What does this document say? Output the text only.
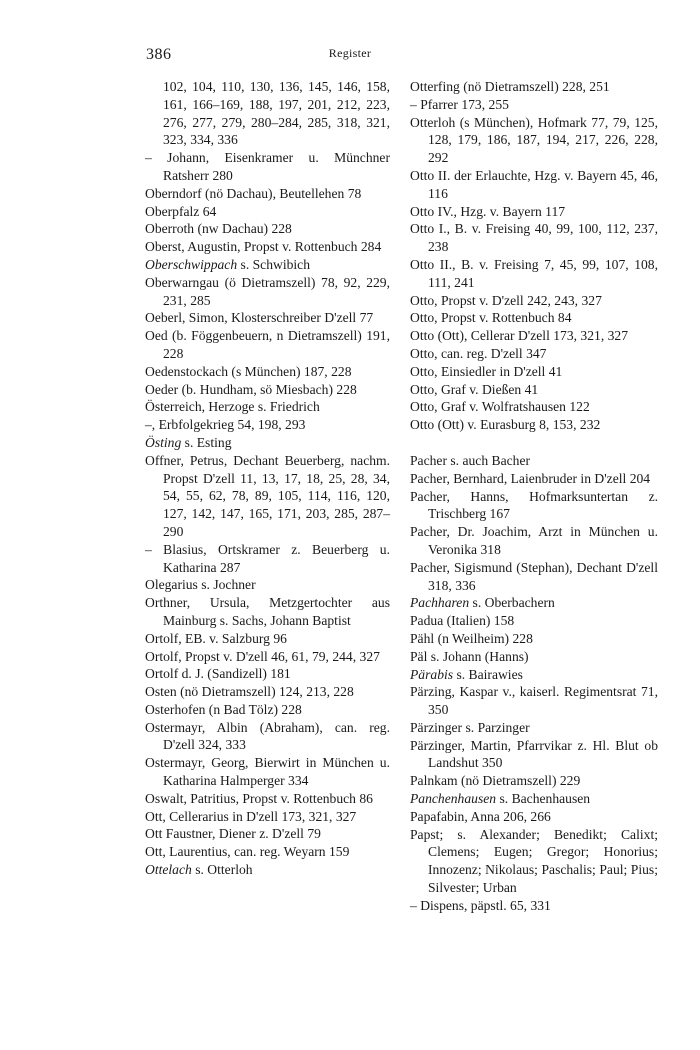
386	Register
102, 104, 110, 130, 136, 145, 146, 158, 161, 166–169, 188, 197, 201, 212, 223, 276, 277, 279, 280–284, 285, 318, 321, 323, 334, 336
– Johann, Eisenkramer u. Münchner Ratsherr 280
Oberndorf (nö Dachau), Beutellehen 78
Oberpfalz 64
Oberroth (nw Dachau) 228
Oberst, Augustin, Propst v. Rottenbuch 284
Oberschwippach s. Schwibich
Oberwarngau (ö Dietramszell) 78, 92, 229, 231, 285
Oeberl, Simon, Klosterschreiber D'zell 77
Oed (b. Föggenbeuern, n Dietramszell) 191, 228
Oedenstockach (s München) 187, 228
Oeder (b. Hundham, sö Miesbach) 228
Österreich, Herzoge s. Friedrich
–, Erbfolgekrieg 54, 198, 293
Östing s. Esting
Offner, Petrus, Dechant Beuerberg, nachm. Propst D'zell 11, 13, 17, 18, 25, 28, 34, 54, 55, 62, 78, 89, 105, 114, 116, 120, 127, 142, 147, 165, 171, 203, 285, 287–290
– Blasius, Ortskramer z. Beuerberg u. Katharina 287
Olegarius s. Jochner
Orthner, Ursula, Metzgertochter aus Mainburg s. Sachs, Johann Baptist
Ortolf, EB. v. Salzburg 96
Ortolf, Propst v. D'zell 46, 61, 79, 244, 327
Ortolf d. J. (Sandizell) 181
Osten (nö Dietramszell) 124, 213, 228
Osterhofen (n Bad Tölz) 228
Ostermayr, Albin (Abraham), can. reg. D'zell 324, 333
Ostermayr, Georg, Bierwirt in München u. Katharina Halmperger 334
Oswalt, Patritius, Propst v. Rottenbuch 86
Ott, Cellerarius in D'zell 173, 321, 327
Ott Faustner, Diener z. D'zell 79
Ott, Laurentius, can. reg. Weyarn 159
Ottelach s. Otterloh
Otterfing (nö Dietramszell) 228, 251
– Pfarrer 173, 255
Otterloh (s München), Hofmark 77, 79, 125, 128, 179, 186, 187, 194, 217, 226, 228, 292
Otto II. der Erlauchte, Hzg. v. Bayern 45, 46, 116
Otto IV., Hzg. v. Bayern 117
Otto I., B. v. Freising 40, 99, 100, 112, 237, 238
Otto II., B. v. Freising 7, 45, 99, 107, 108, 111, 241
Otto, Propst v. D'zell 242, 243, 327
Otto, Propst v. Rottenbuch 84
Otto (Ott), Cellerar D'zell 173, 321, 327
Otto, can. reg. D'zell 347
Otto, Einsiedler in D'zell 41
Otto, Graf v. Dießen 41
Otto, Graf v. Wolfratshausen 122
Otto (Ott) v. Eurasburg 8, 153, 232
Pacher s. auch Bacher
Pacher, Bernhard, Laienbruder in D'zell 204
Pacher, Hanns, Hofmarksuntertan z. Trischberg 167
Pacher, Dr. Joachim, Arzt in München u. Veronika 318
Pacher, Sigismund (Stephan), Dechant D'zell 318, 336
Pachharen s. Oberbachern
Padua (Italien) 158
Pähl (n Weilheim) 228
Päl s. Johann (Hanns)
Pärabis s. Bairawies
Pärzing, Kaspar v., kaiserl. Regimentsrat 71, 350
Pärzinger s. Parzinger
Pärzinger, Martin, Pfarrvikar z. Hl. Blut ob Landshut 350
Palnkam (nö Dietramszell) 229
Panchenhausen s. Bachenhausen
Papafabin, Anna 206, 266
Papst; s. Alexander; Benedikt; Calixt; Clemens; Eugen; Gregor; Honorius; Innozenz; Nikolaus; Paschalis; Paul; Pius; Silvester; Urban
– Dispens, päpstl. 65, 331
